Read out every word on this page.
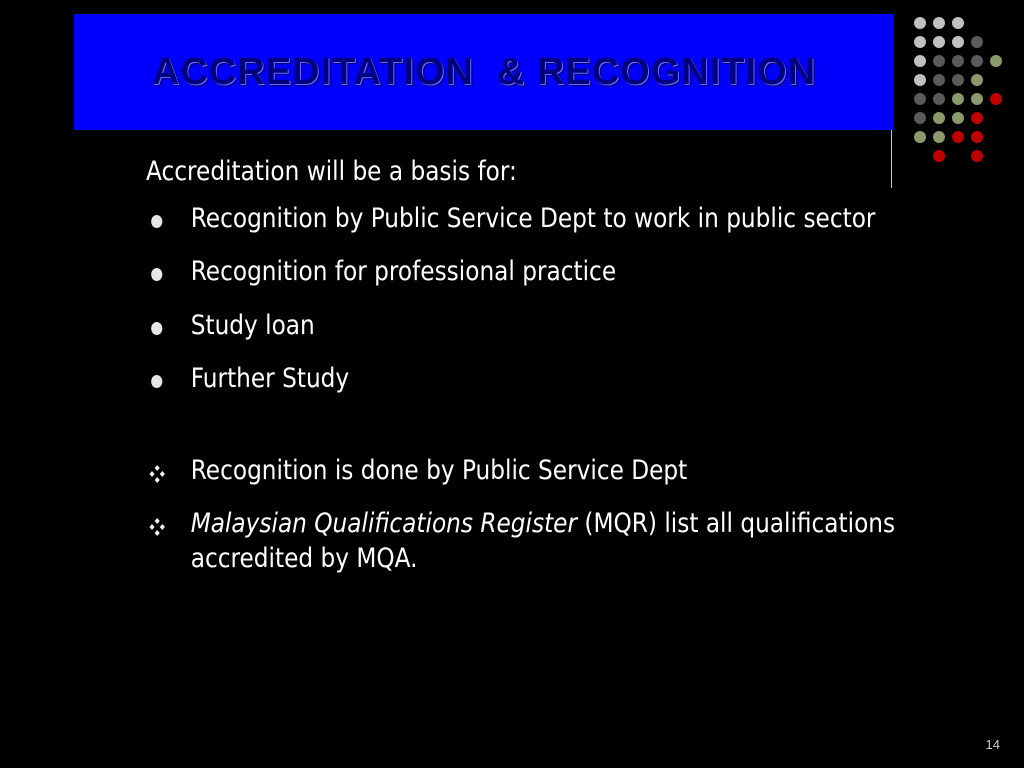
ACCREDITATION  & RECOGNITION
Accreditation will be a basis for:
Recognition by Public Service Dept to work in public sector
Recognition for professional practice
Study loan
Further Study
Recognition is done by Public Service Dept
Malaysian Qualifications Register (MQR) list all qualifications accredited by MQA.
14
